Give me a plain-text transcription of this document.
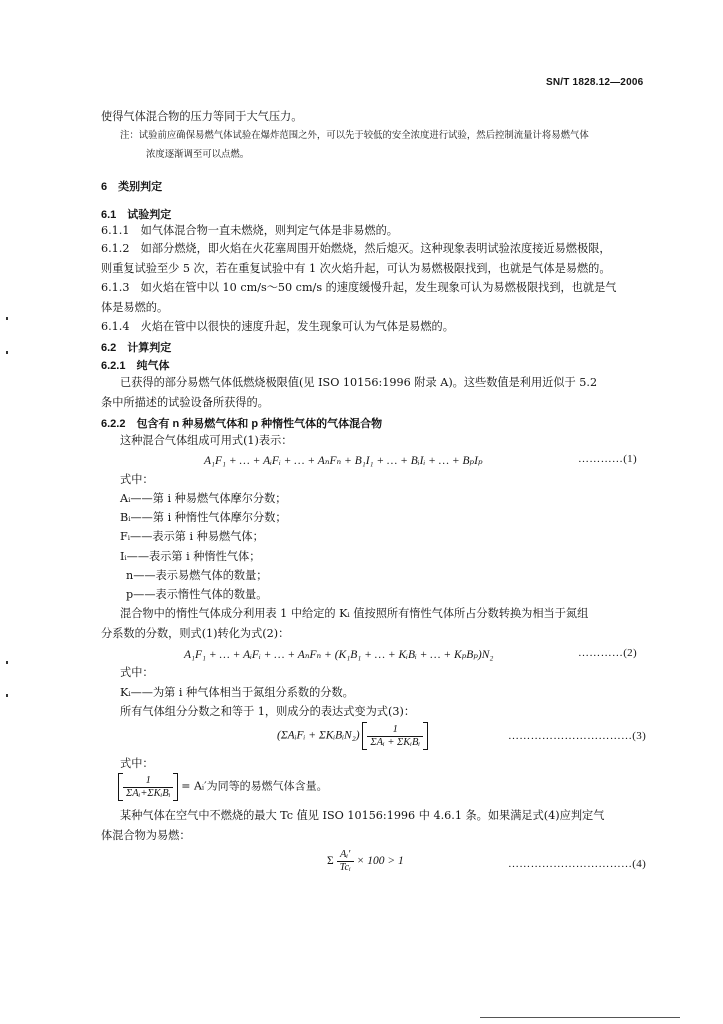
SN/T 1828.12—2006
使得气体混合物的压力等同于大气压力。
注：试验前应确保易燃气体试验在爆炸范围之外，可以先于较低的安全浓度进行试验，然后控制流量计将易燃气体
浓度逐渐调至可以点燃。
6　类别判定
6.1　试验判定
6.1.1　如气体混合物一直未燃烧，则判定气体是非易燃的。
6.1.2　如部分燃烧，即火焰在火花塞周围开始燃烧，然后熄灭。这种现象表明试验浓度接近易燃极限，
则重复试验至少 5 次，若在重复试验中有 1 次火焰升起，可认为易燃极限找到，也就是气体是易燃的。
6.1.3　如火焰在管中以 10 cm/s～50 cm/s 的速度缓慢升起，发生现象可认为易燃极限找到，也就是气
体是易燃的。
6.1.4　火焰在管中以很快的速度升起，发生现象可认为气体是易燃的。
6.2　计算判定
6.2.1　纯气体
已获得的部分易燃气体低燃烧极限值(见 ISO 10156:1996 附录 A)。这些数值是利用近似于 5.2
条中所描述的试验设备所获得的。
6.2.2　包含有 n 种易燃气体和 p 种惰性气体的气体混合物
这种混合气体组成可用式(1)表示：
A₁F₁ + … + AᵢFᵢ + … + AₙFₙ + B₁I₁ + … + BᵢIᵢ + … + BₚIₚ	…………(1)
式中：
Aᵢ——第 i 种易燃气体摩尔分数；
Bᵢ——第 i 种惰性气体摩尔分数；
Fᵢ——表示第 i 种易燃气体；
Iᵢ——表示第 i 种惰性气体；
n——表示易燃气体的数量；
p——表示惰性气体的数量。
混合物中的惰性气体成分利用表 1 中给定的 Kᵢ 值按照所有惰性气体所占分数转换为相当于氮组
分系数的分数，则式(1)转化为式(2)：
A₁F₁ + … + AᵢFᵢ + … + AₙFₙ + (K₁B₁ + … + KᵢBᵢ + … + KₚBₚ)N₂	…………(2)
式中：
Kᵢ——为第 i 种气体相当于氮组分系数的分数。
所有气体组分分数之和等于 1，则成分的表达式变为式(3)：
(ΣAᵢFᵢ + ΣKᵢBᵢN₂) $\frac{1}{\text{ΣAᵢ + ΣKᵢBᵢ}}$	……………………………(3)
式中：
$\frac{1}{\text{ΣAᵢ+ΣKᵢBᵢ}}$ = Aᵢ′为同等的易燃气体含量。
某种气体在空气中不燃烧的最大 Tc 值见 ISO 10156:1996 中 4.6.1 条。如果满足式(4)应判定气
体混合物为易燃：
Σ $\frac{\text{Aᵢ′}}{\text{Tcᵢ}} \times 100 > 1$	……………………………(4)
